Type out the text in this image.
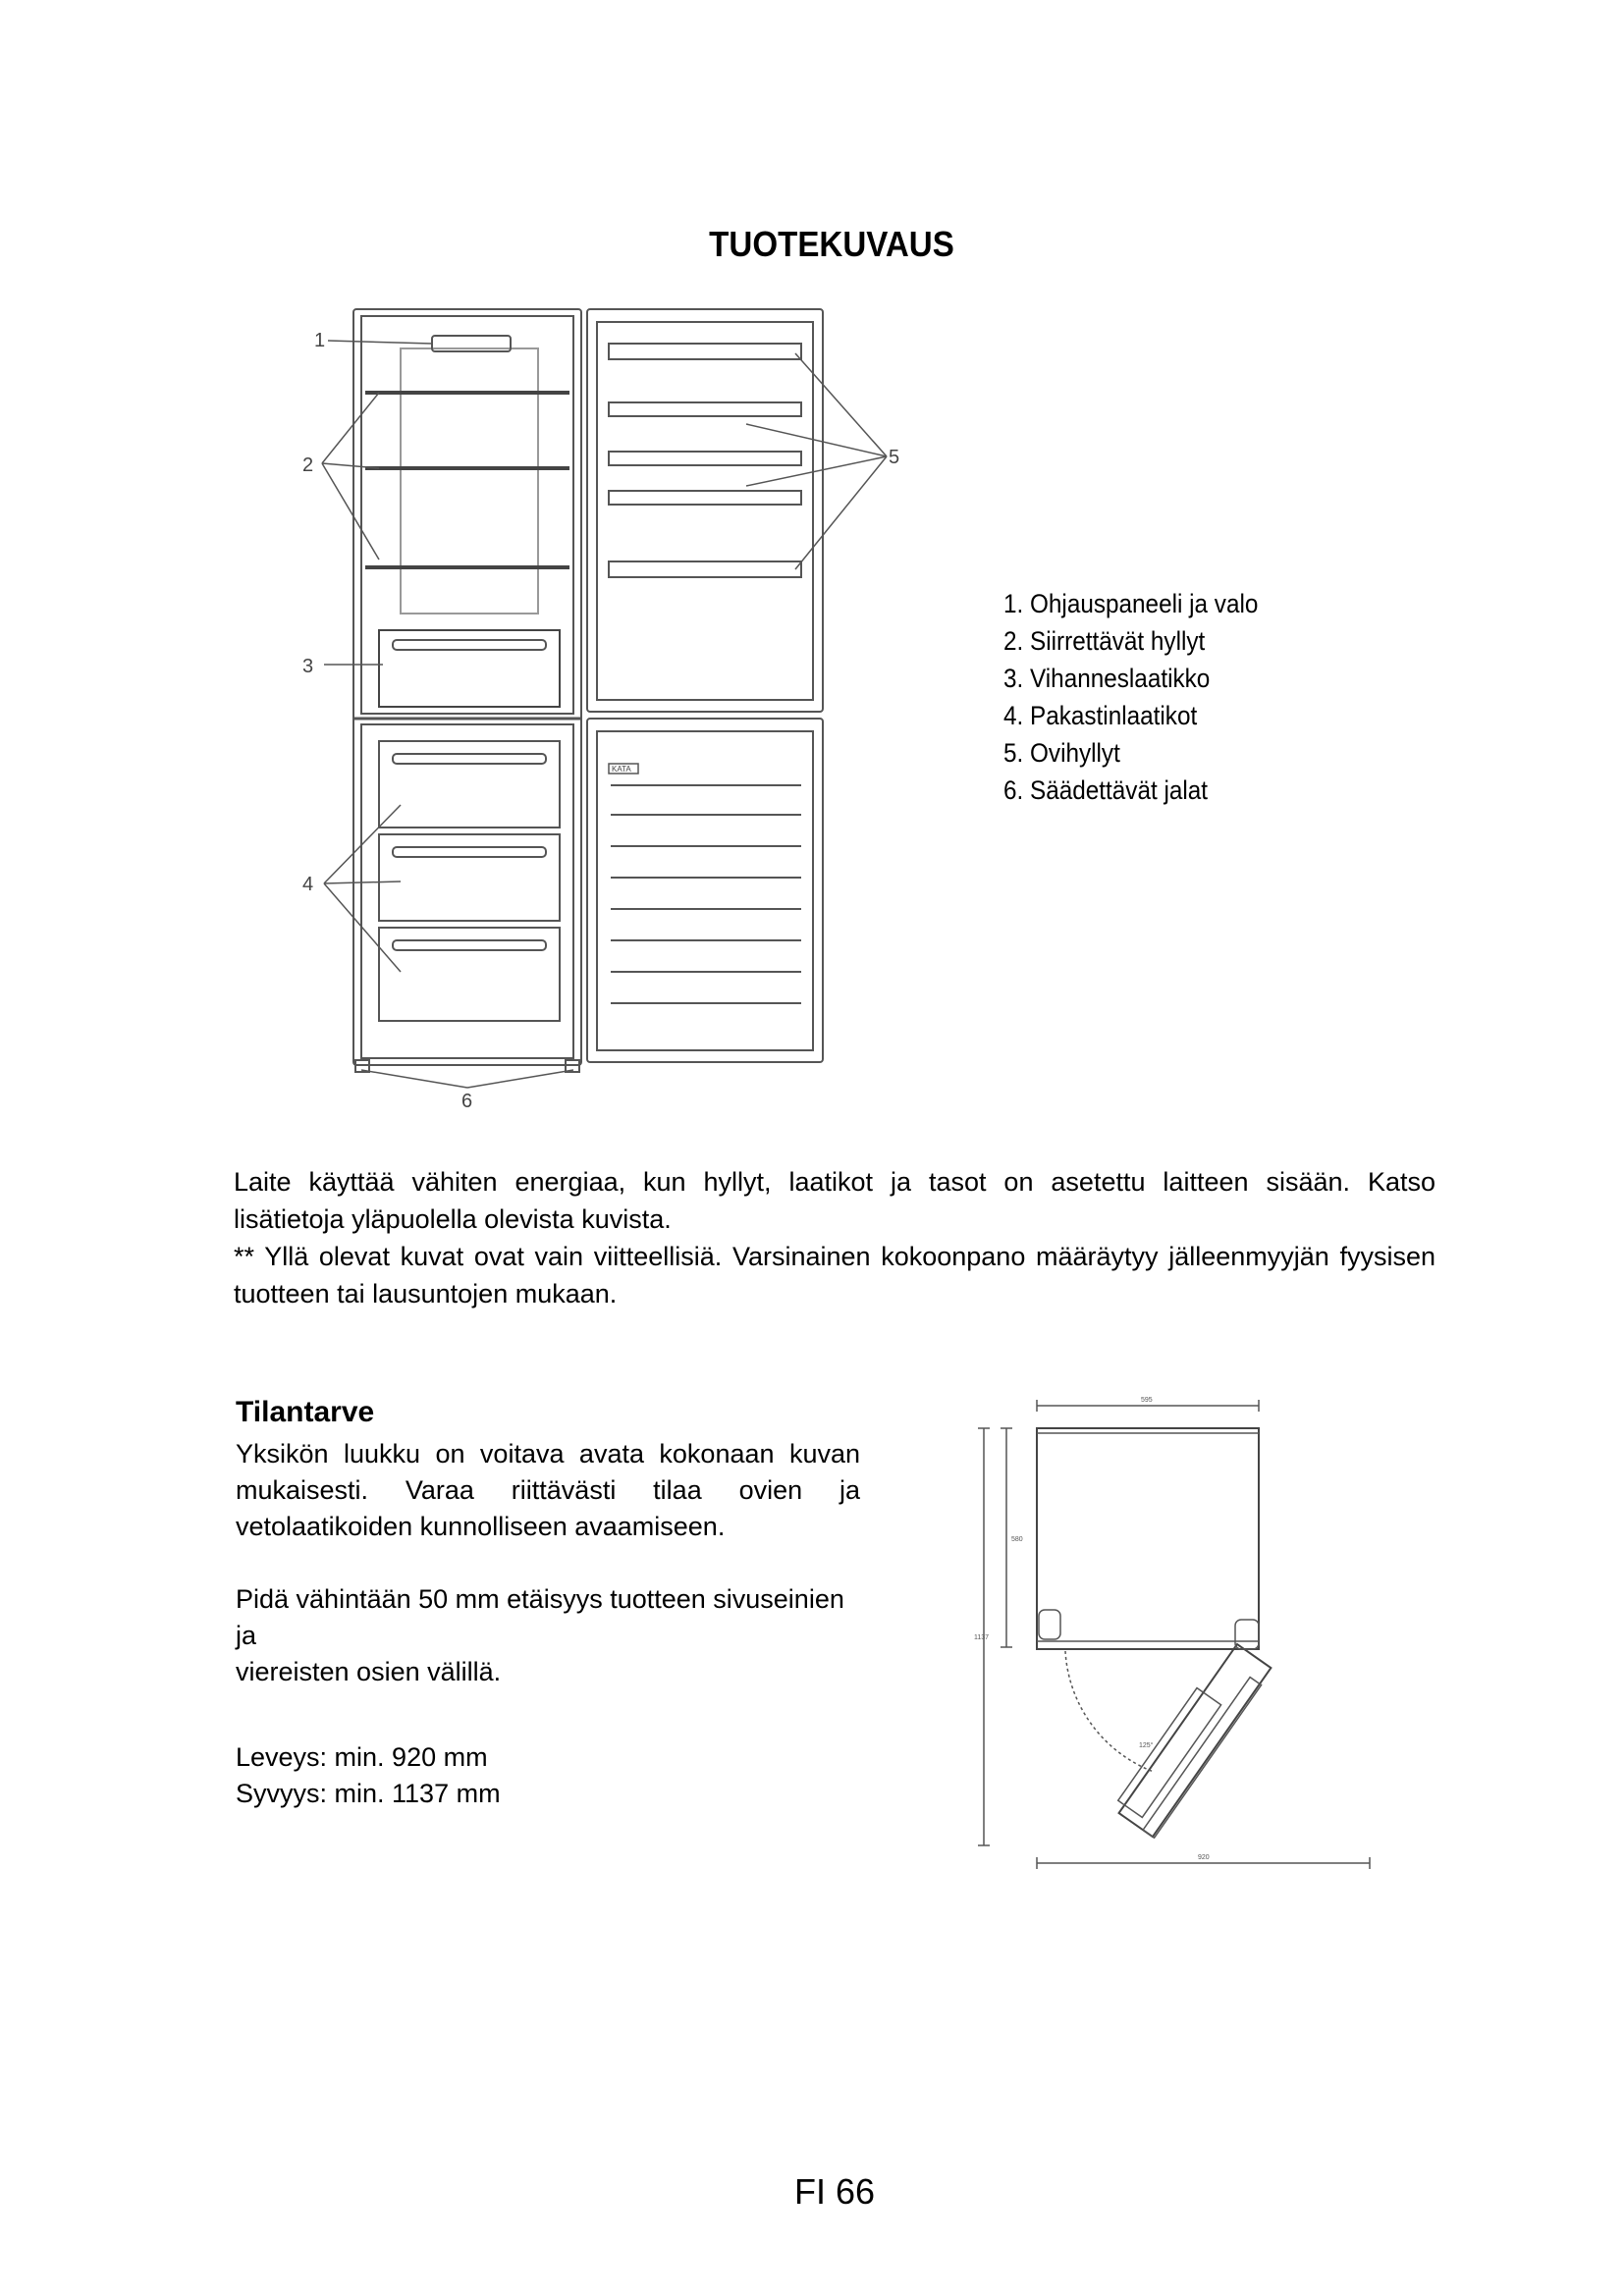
TUOTEKUVAUS
1
2
3
4
5
6
KATA
1. Ohjauspaneeli ja valo
2. Siirrettävät hyllyt
3. Vihanneslaatikko
4. Pakastinlaatikot
5. Ovihyllyt
6. Säädettävät jalat

Laite käyttää vähiten energiaa, kun hyllyt, laatikot ja tasot on asetettu laitteen sisään. Katso

lisätietoja yläpuolella olevista kuvista.

** Yllä olevat kuvat ovat vain viitteellisiä. Varsinainen kokoonpano määräytyy jälleenmyyjän fyysisen

tuotteen tai lausuntojen mukaan.

Tilantarve
Yksikön luukku on voitava avata kokonaan kuvan
mukaisesti. Varaa riittävästi tilaa ovien ja

vetolaatikoiden kunnolliseen avaamiseen.

Pidä vähintään 50 mm etäisyys tuotteen sivuseinien ja
viereisten osien välillä.
Leveys: min. 920 mm
Syvyys: min. 1137 mm
595
580
1137
920
125°
FI 66
